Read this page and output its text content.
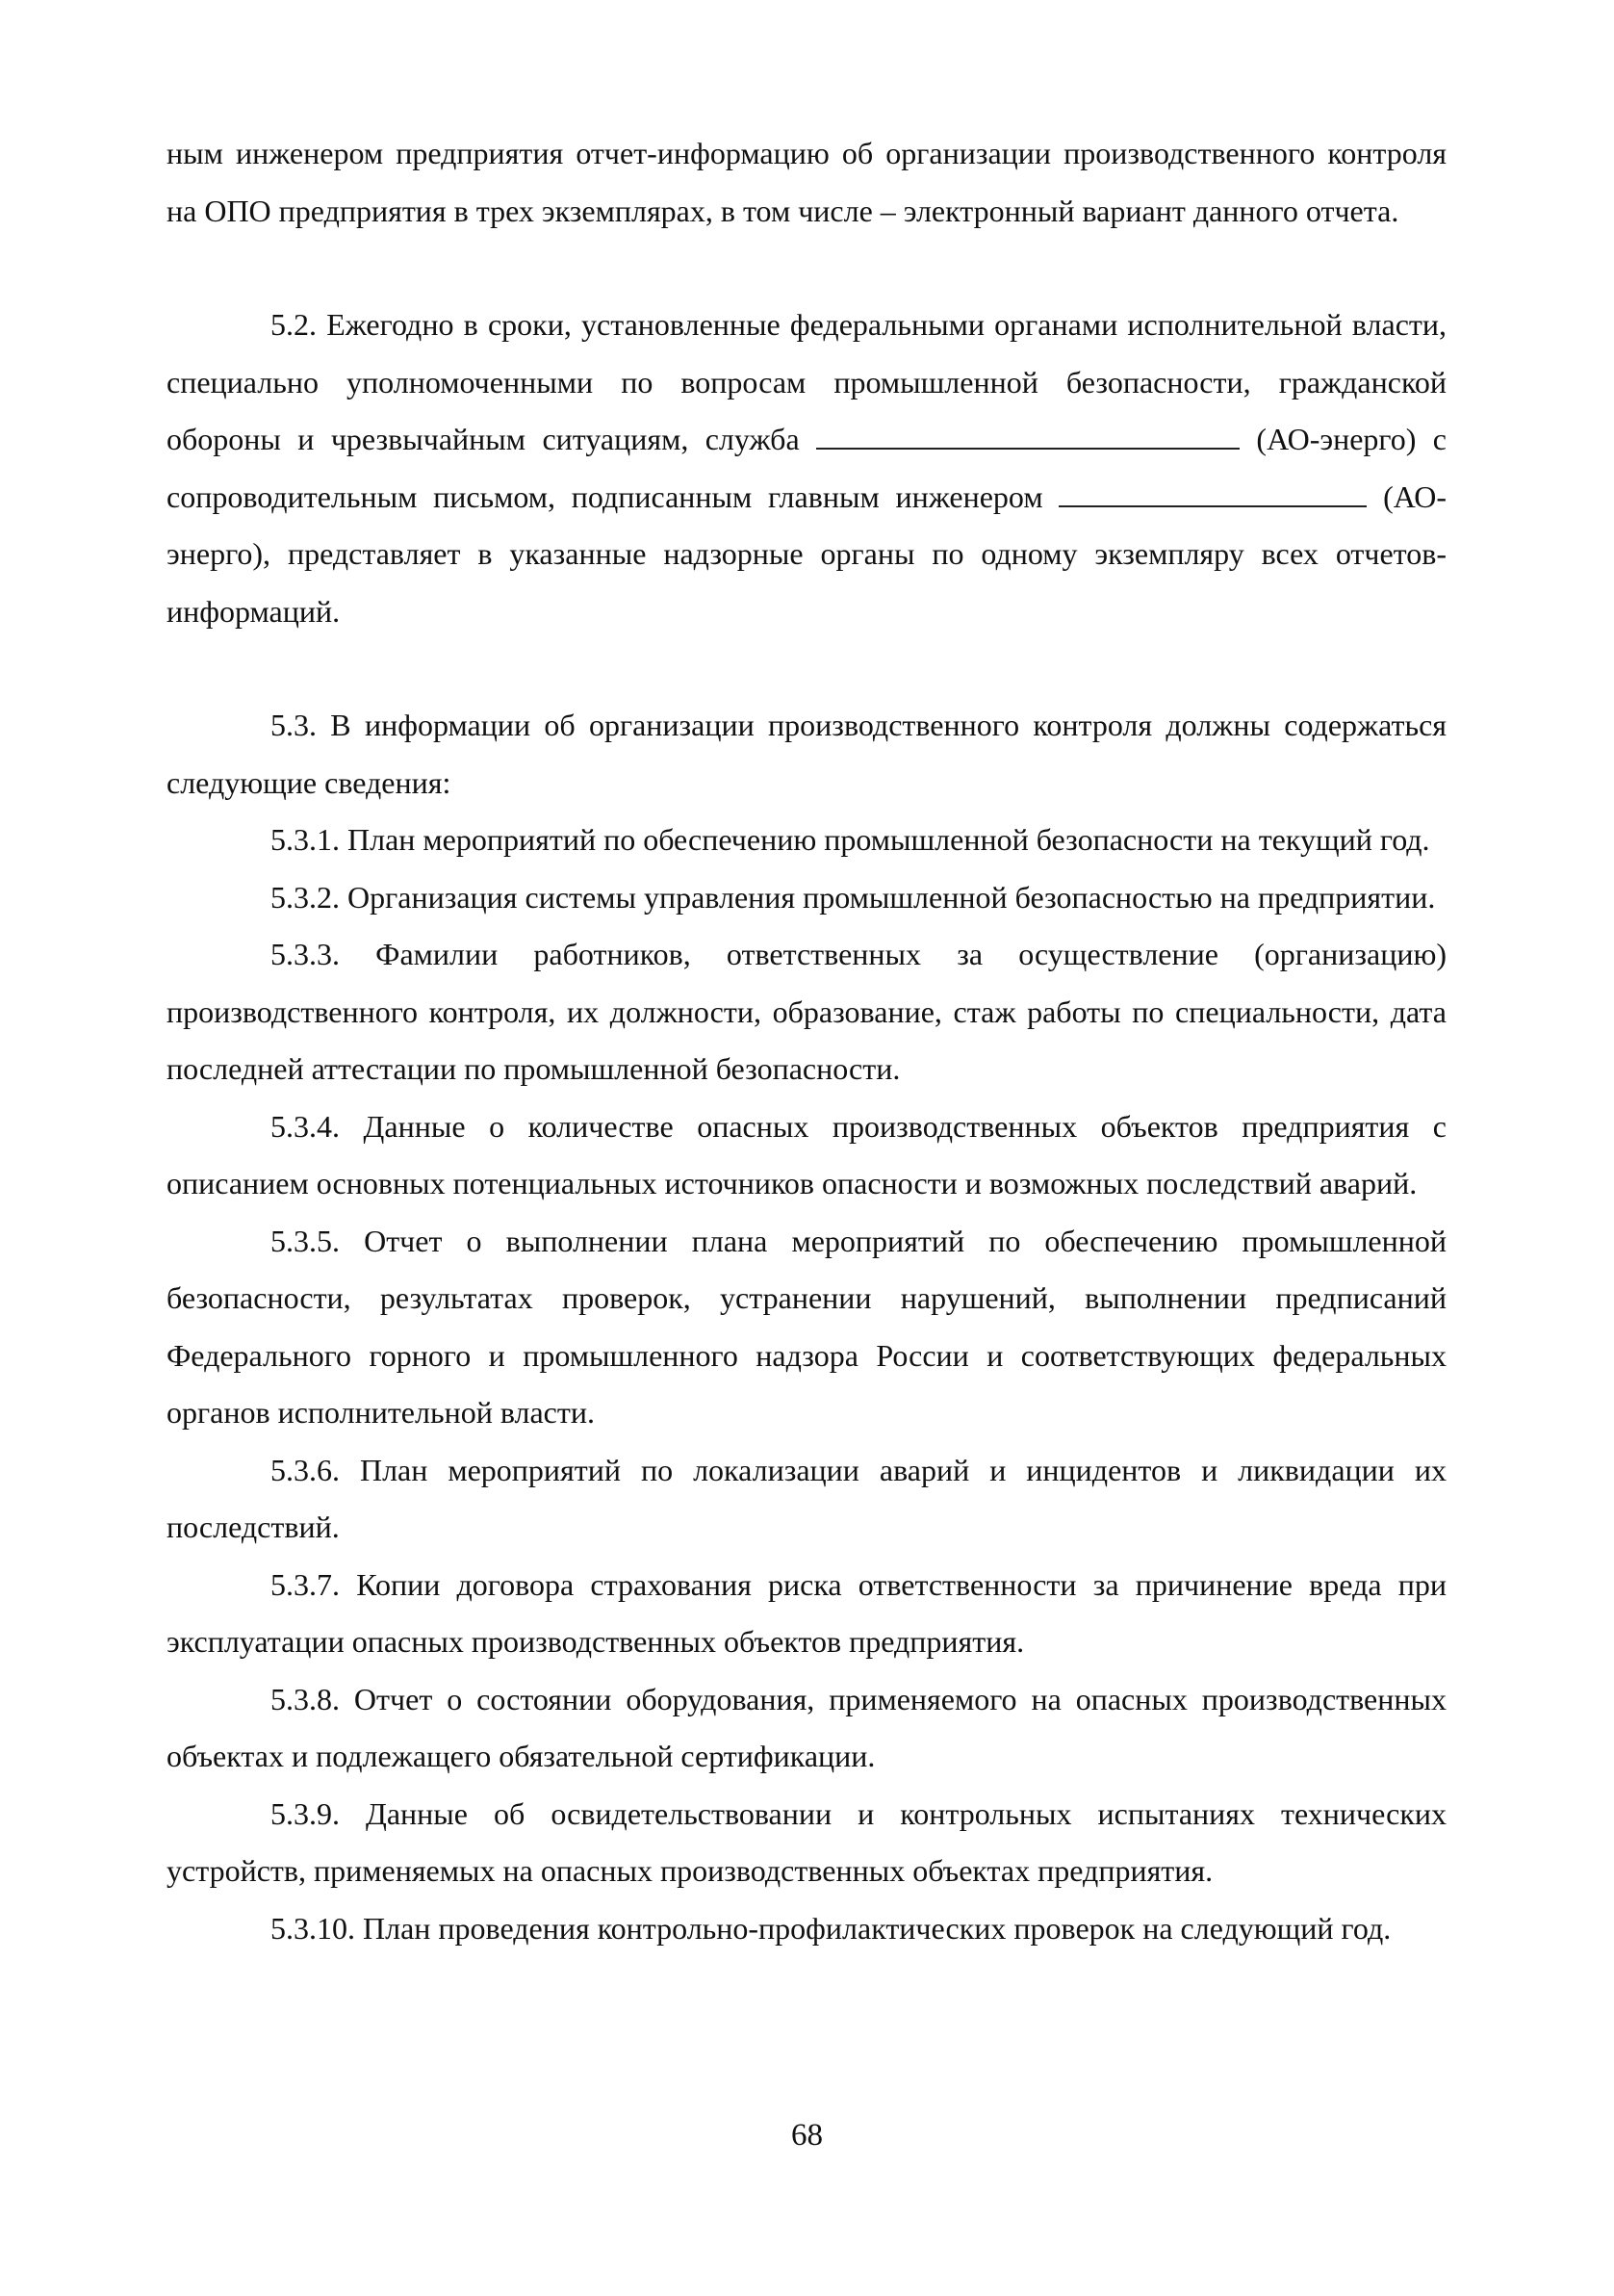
ным инженером предприятия отчет-информацию об организации производственного контроля на ОПО предприятия в трех экземплярах, в том числе – электронный вариант данного отчета.

5.2. Ежегодно в сроки, установленные федеральными органами исполнительной власти, специально уполномоченными по вопросам промышленной безопасности, гражданской обороны и чрезвычайным ситуациям, служба	(АО-энерго) с сопроводительным письмом, подписанным главным инженером	(АО-энерго), представляет в указанные надзорные органы по одному экземпляру всех отчетов-информаций.

5.3. В информации об организации производственного контроля должны содержаться следующие сведения:

5.3.1. План мероприятий по обеспечению промышленной безопасности на текущий год.

5.3.2. Организация системы управления промышленной безопасностью на предприятии.

5.3.3. Фамилии работников, ответственных за осуществление (организацию) производственного контроля, их должности, образование, стаж работы по специальности, дата последней аттестации по промышленной безопасности.

5.3.4. Данные о количестве опасных производственных объектов предприятия с описанием основных потенциальных источников опасности и возможных последствий аварий.

5.3.5. Отчет о выполнении плана мероприятий по обеспечению промышленной безопасности, результатах проверок, устранении нарушений, выполнении предписаний Федерального горного и промышленного надзора России и соответствующих федеральных органов исполнительной власти.

5.3.6. План мероприятий по локализации аварий и инцидентов и ликвидации их последствий.

5.3.7. Копии договора страхования риска ответственности за причинение вреда при эксплуатации опасных производственных объектов предприятия.

5.3.8. Отчет о состоянии оборудования, применяемого на опасных производственных объектах и подлежащего обязательной сертификации.

5.3.9. Данные об освидетельствовании и контрольных испытаниях технических устройств, применяемых на опасных производственных объектах предприятия.

5.3.10. План проведения контрольно-профилактических проверок на следующий год.

68
